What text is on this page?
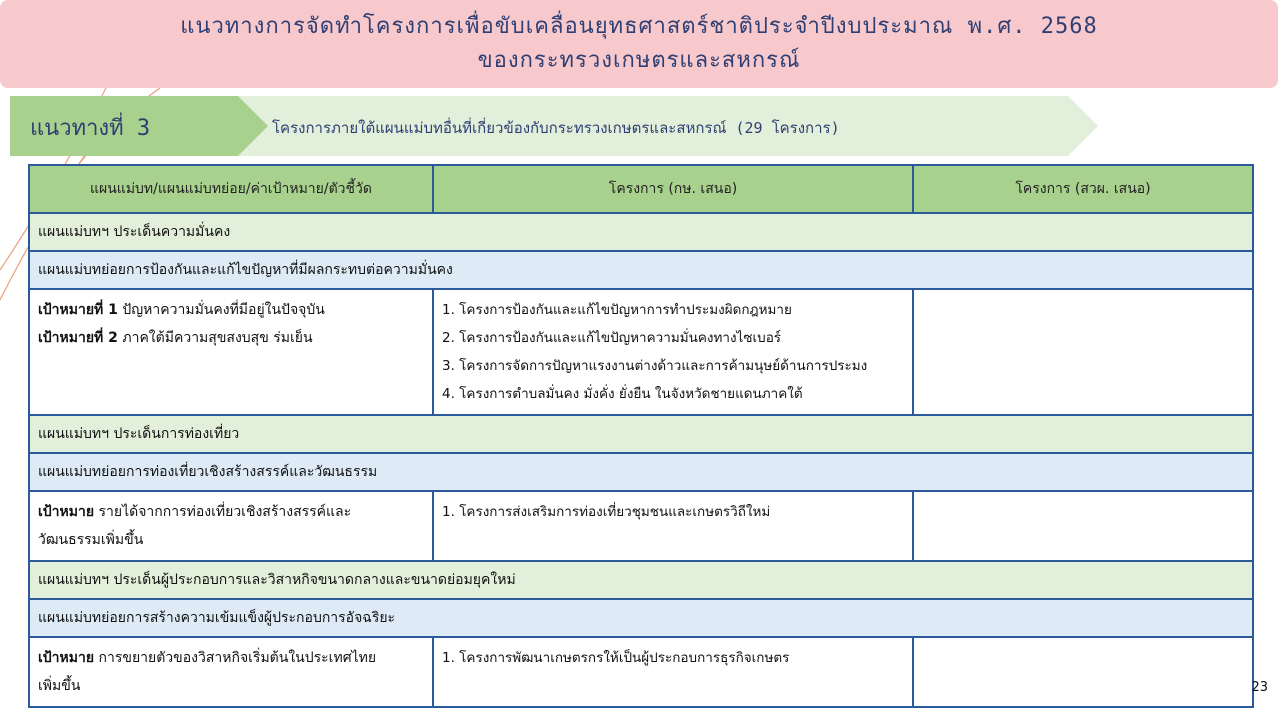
แนวทางการจัดทำโครงการเพื่อขับเคลื่อนยุทธศาสตร์ชาติประจำปีงบประมาณ พ.ศ. 2568
ของกระทรวงเกษตรและสหกรณ์
แนวทางที่ 3	โครงการภายใต้แผนแม่บทอื่นที่เกี่ยวข้องกับกระทรวงเกษตรและสหกรณ์ (29 โครงการ)
แผนแม่บท/แผนแม่บทย่อย/ค่าเป้าหมาย/ตัวชี้วัด	โครงการ (กษ. เสนอ)	โครงการ (สวผ. เสนอ)
แผนแม่บทฯ ประเด็นความมั่นคง		
แผนแม่บทย่อยการป้องกันและแก้ไขปัญหาที่มีผลกระทบต่อความมั่นคง		

เป้าหมายที่ 1 ปัญหาความมั่นคงที่มีอยู่ในปัจจุบัน
เป้าหมายที่ 2 ภาคใต้มีความสุขสงบสุข ร่มเย็น	1. โครงการป้องกันและแก้ไขปัญหาการทำประมงผิดกฎหมาย
2. โครงการป้องกันและแก้ไขปัญหาความมั่นคงทางไซเบอร์
3. โครงการจัดการปัญหาแรงงานต่างด้าวและการค้ามนุษย์ด้านการประมง
4. โครงการตำบลมั่นคง มั่งคั่ง ยั่งยืน ในจังหวัดชายแดนภาคใต้	

แผนแม่บทฯ ประเด็นการท่องเที่ยว		
แผนแม่บทย่อยการท่องเที่ยวเชิงสร้างสรรค์และวัฒนธรรม		

เป้าหมาย รายได้จากการท่องเที่ยวเชิงสร้างสรรค์และ
วัฒนธรรมเพิ่มขึ้น	1. โครงการส่งเสริมการท่องเที่ยวชุมชนและเกษตรวิถีใหม่	

แผนแม่บทฯ ประเด็นผู้ประกอบการและวิสาหกิจขนาดกลางและขนาดย่อมยุคใหม่		
แผนแม่บทย่อยการสร้างความเข้มแข็งผู้ประกอบการอัจฉริยะ		

เป้าหมาย การขยายตัวของวิสาหกิจเริ่มต้นในประเทศไทย
เพิ่มขึ้น	1. โครงการพัฒนาเกษตรกรให้เป็นผู้ประกอบการธุรกิจเกษตร	

23
